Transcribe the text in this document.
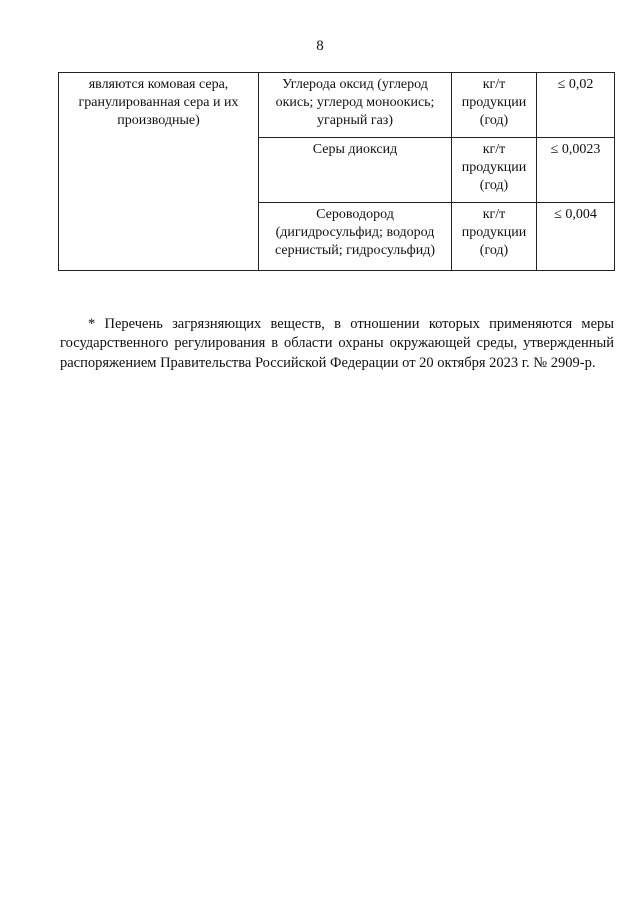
8
являются комовая сера, гранулированная сера и их производные)	Углерода оксид (углерод окись; углерод моноокись; угарный газ)	кг/т продукции (год)	≤ 0,02
	Серы диоксид	кг/т продукции (год)	≤ 0,0023
	Сероводород (дигидросульфид; водород сернистый; гидросульфид)	кг/т продукции (год)	≤ 0,004

* Перечень загрязняющих веществ, в отношении которых применяются меры государственного регулирования в области охраны окружающей среды, утвержденный распоряжением Правительства Российской Федерации от 20 октября 2023 г. № 2909-р.
